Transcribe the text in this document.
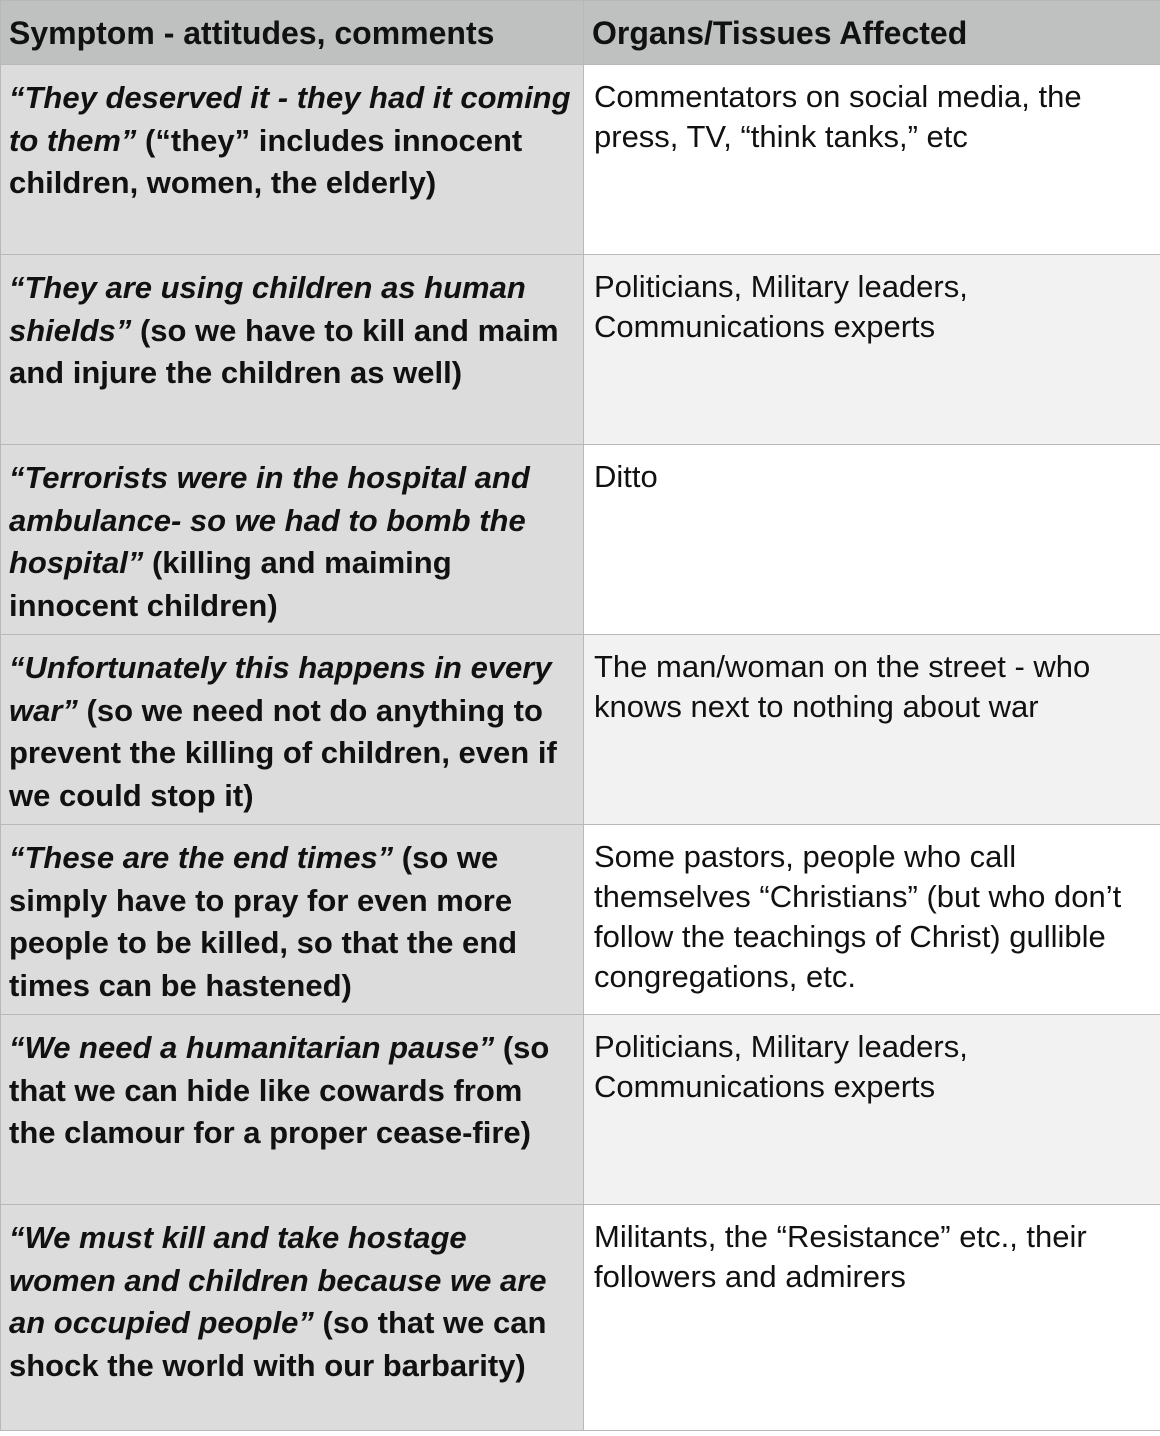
Symptom - attitudes, comments	Organs/Tissues Affected
“They deserved it - they had it coming to them” (“they” includes innocent children, women, the elderly)	Commentators on social media, the press, TV, “think tanks,” etc
“They are using children as human shields” (so we have to kill and maim and injure the children as well)	Politicians, Military leaders, Communications experts
“Terrorists were in the hospital and ambulance- so we had to bomb the hospital” (killing and maiming innocent children)	Ditto
“Unfortunately this happens in every war” (so we need not do anything to prevent the killing of children, even if we could stop it)	The man/woman on the street - who knows next to nothing about war
“These are the end times” (so we simply have to pray for even more people to be killed, so that the end times can be hastened)	Some pastors, people who call themselves “Christians” (but who don’t follow the teachings of Christ) gullible congregations, etc.
“We need a humanitarian pause” (so that we can hide like cowards from the clamour for a proper cease-fire)	Politicians, Military leaders, Communications experts
“We must kill and take hostage women and children because we are an occupied people” (so that we can shock the world with our barbarity)	Militants, the “Resistance” etc., their followers and admirers
